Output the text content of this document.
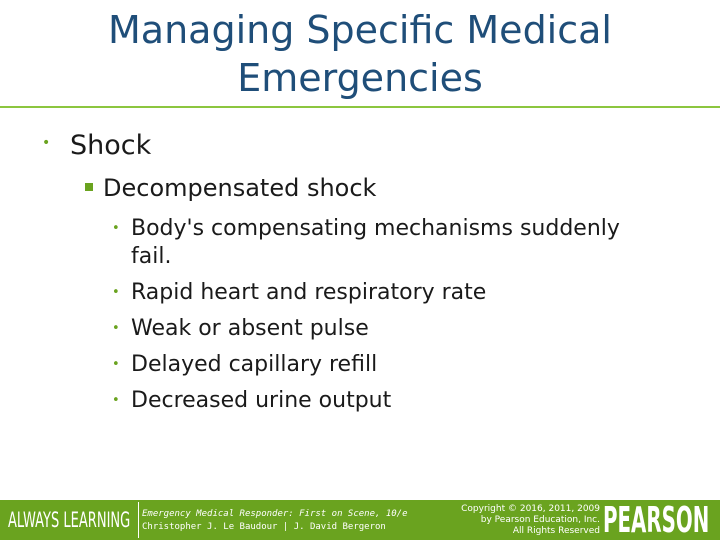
Managing Specific Medical
Emergencies
• Shock
Decompensated shock
• Body's compensating mechanisms suddenly fail.
• Rapid heart and respiratory rate
• Weak or absent pulse
• Delayed capillary refill
• Decreased urine output
ALWAYS LEARNING	Emergency Medical Responder: First on Scene, 10/e
Christopher J. Le Baudour | J. David Bergeron
Copyright © 2016, 2011, 2009
by Pearson Education, Inc.
All Rights Reserved PEARSON
